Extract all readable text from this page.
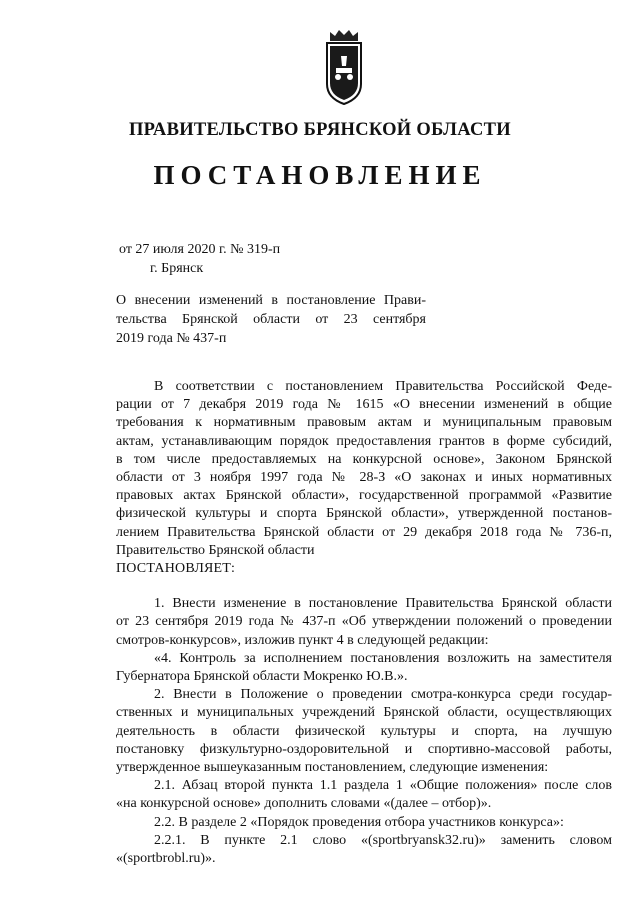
ПРАВИТЕЛЬСТВО БРЯНСКОЙ ОБЛАСТИ
ПОСТАНОВЛЕНИЕ
от 27 июля 2020 г. № 319-п
г. Брянск
О внесении изменений в постановление Прави-
тельства Брянской области от 23 сентября
2019 года № 437-п
В соответствии с постановлением Правительства Российской Феде-
рации от 7 декабря 2019 года № 1615 «О внесении изменений в общие
требования к нормативным правовым актам и муниципальным правовым
актам, устанавливающим порядок предоставления грантов в форме субсидий,
в том числе предоставляемых на конкурсной основе», Законом Брянской
области от 3 ноября 1997 года № 28-З «О законах и иных нормативных
правовых актах Брянской области», государственной программой «Развитие
физической культуры и спорта Брянской области», утвержденной постанов-
лением Правительства Брянской области от 29 декабря 2018 года № 736-п,
Правительство Брянской области
ПОСТАНОВЛЯЕТ:
1. Внести изменение в постановление Правительства Брянской области
от 23 сентября 2019 года № 437-п «Об утверждении положений о проведении
смотров-конкурсов», изложив пункт 4 в следующей редакции:
«4. Контроль за исполнением постановления возложить на заместителя
Губернатора Брянской области Мокренко Ю.В.».
2. Внести в Положение о проведении смотра-конкурса среди государ-
ственных и муниципальных учреждений Брянской области, осуществляющих
деятельность в области физической культуры и спорта, на лучшую
постановку физкультурно-оздоровительной и спортивно-массовой работы,
утвержденное вышеуказанным постановлением, следующие изменения:
2.1. Абзац второй пункта 1.1 раздела 1 «Общие положения» после слов
«на конкурсной основе» дополнить словами «(далее – отбор)».
2.2. В разделе 2 «Порядок проведения отбора участников конкурса»:
2.2.1. В пункте 2.1 слово «(sportbryansk32.ru)» заменить словом
«(sportbrobl.ru)».
